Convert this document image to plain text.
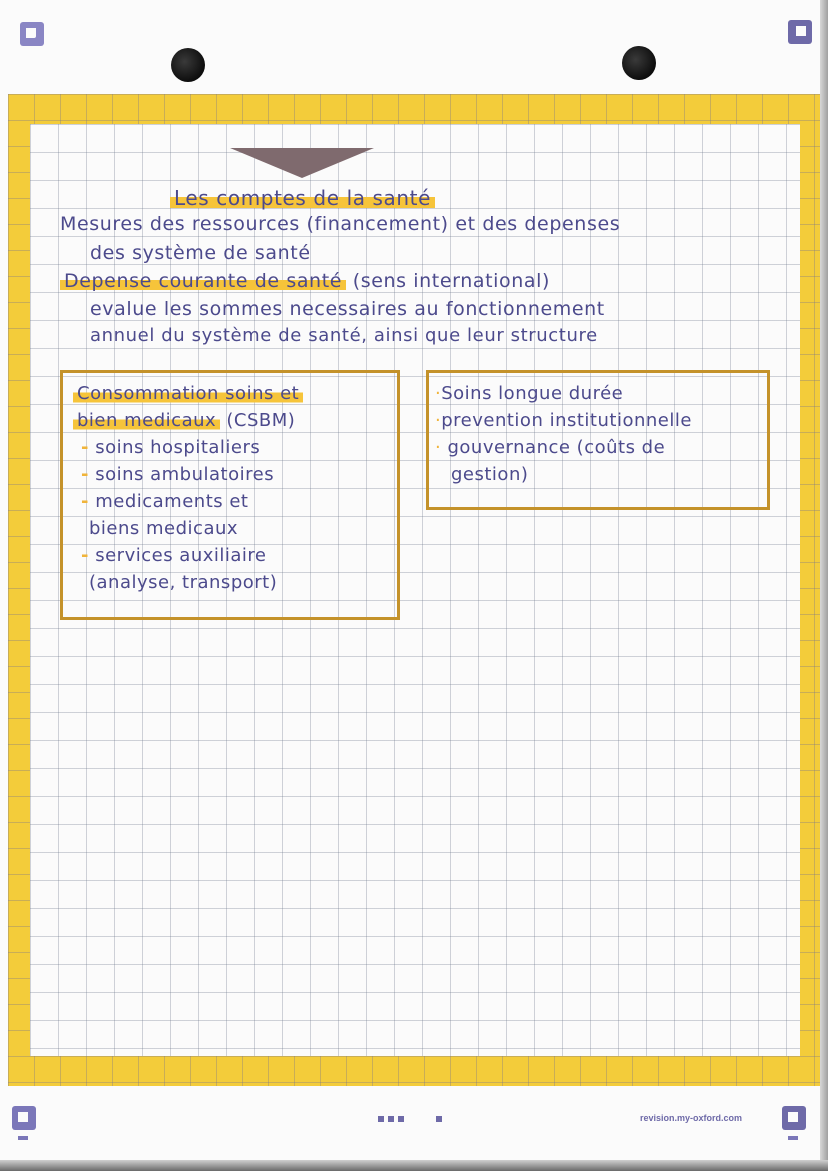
Les comptes de la santé
Mesures des ressources (financement) et des depenses
des système de santé
Depense courante de santé (sens international)
evalue les sommes necessaires au fonctionnement
annuel du système de santé, ainsi que leur structure
Consommation soins et
bien medicaux (CSBM)
- soins hospitaliers
- soins ambulatoires
- medicaments et
biens medicaux
- services auxiliaire
(analyse, transport)
·Soins longue durée
·prevention institutionnelle
· gouvernance (coûts de
gestion)
revision.my-oxford.com
